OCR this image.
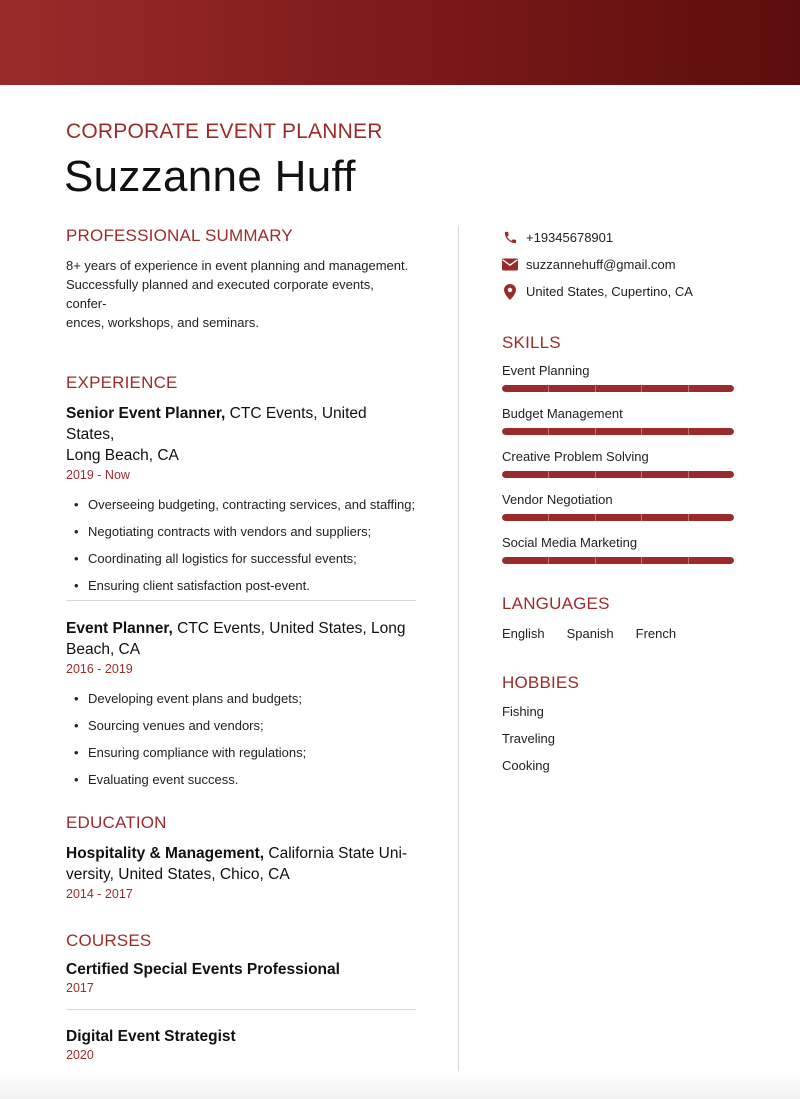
CORPORATE EVENT PLANNER
Suzzanne Huff
PROFESSIONAL SUMMARY
8+ years of experience in event planning and management.
Successfully planned and executed corporate events, confer-
ences, workshops, and seminars.
EXPERIENCE
Senior Event Planner, CTC Events, United States,
Long Beach, CA
2019 - Now
• Overseeing budgeting, contracting services, and staffing;
• Negotiating contracts with vendors and suppliers;
• Coordinating all logistics for successful events;
• Ensuring client satisfaction post-event.
Event Planner, CTC Events, United States, Long
Beach, CA
2016 - 2019
• Developing event plans and budgets;
• Sourcing venues and vendors;
• Ensuring compliance with regulations;
• Evaluating event success.
EDUCATION
Hospitality & Management, California State Uni-
versity, United States, Chico, CA
2014 - 2017
COURSES
Certified Special Events Professional
2017
Digital Event Strategist
2020
+19345678901
suzzannehuff@gmail.com
United States, Cupertino, CA
SKILLS
Event Planning
Budget Management
Creative Problem Solving
Vendor Negotiation
Social Media Marketing
LANGUAGES
English Spanish French
HOBBIES
Fishing
Traveling
Cooking
